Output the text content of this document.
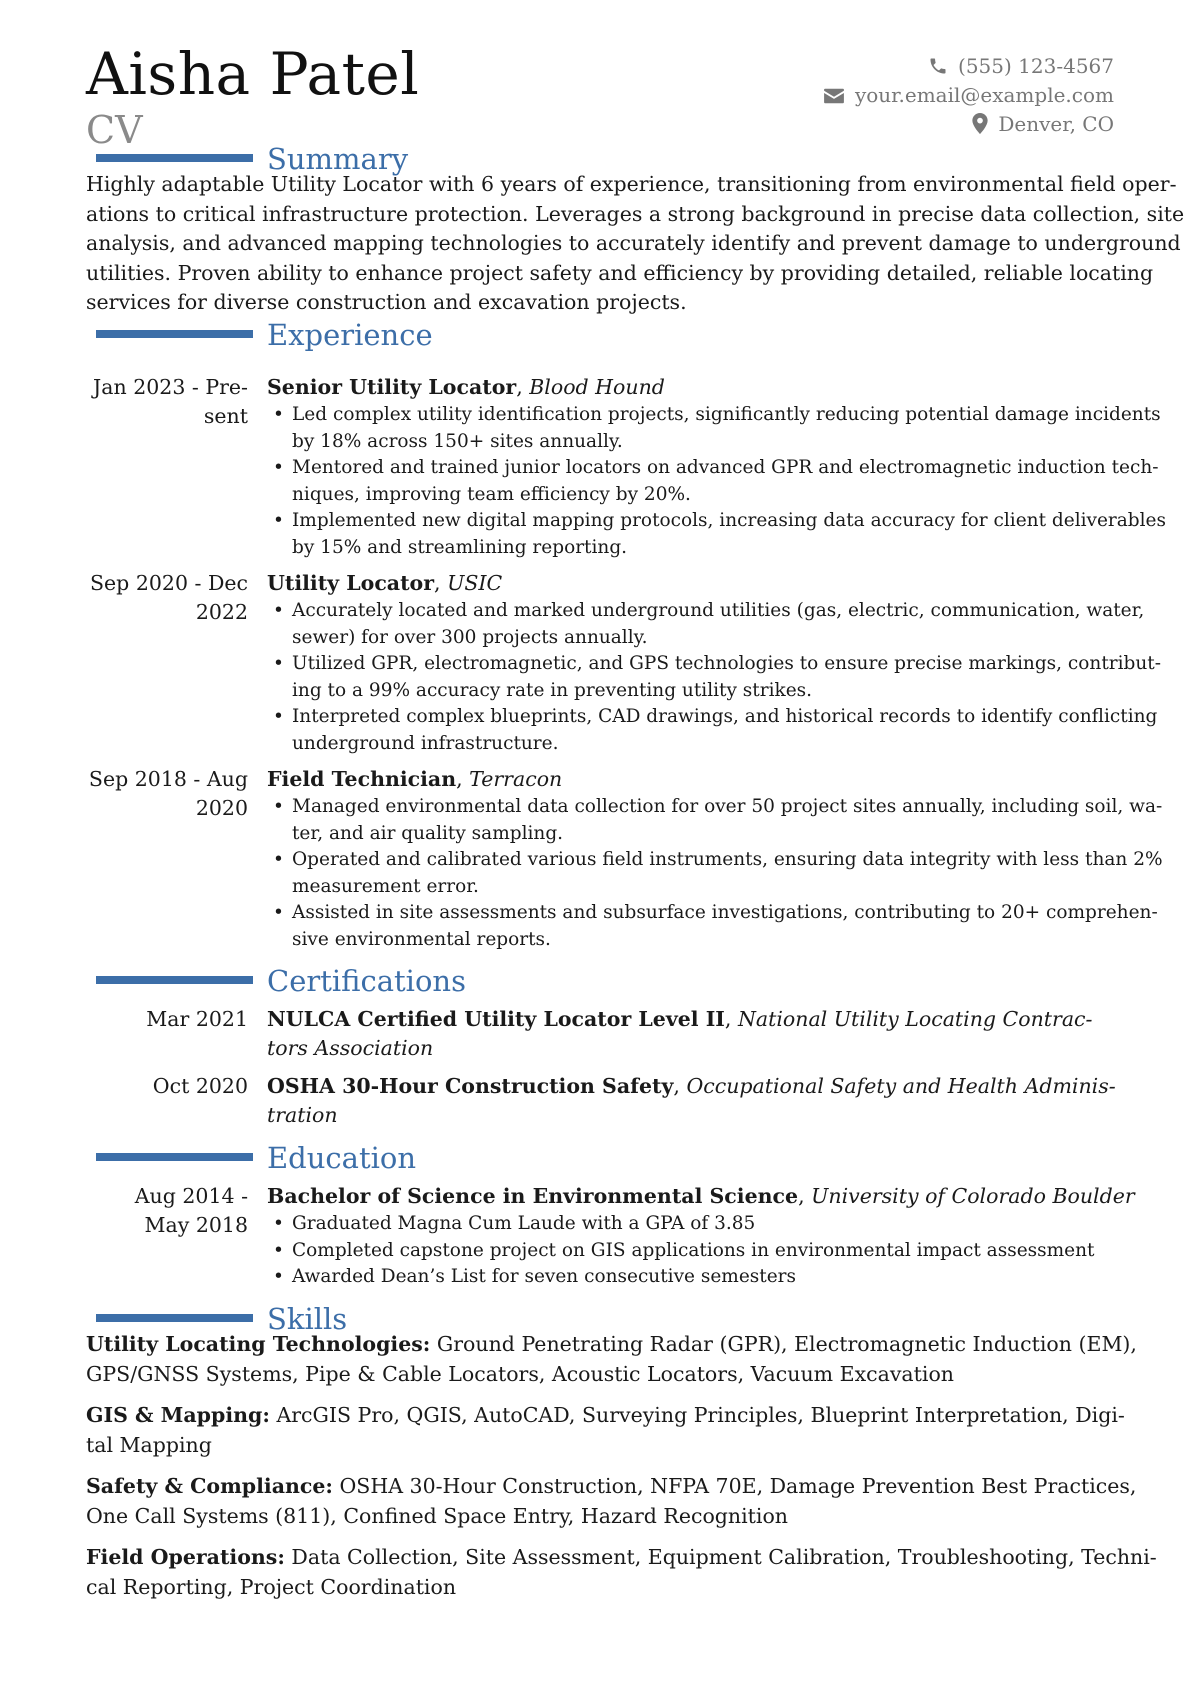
Aisha Patel
CV
(555) 123-4567
your.email@example.com
Denver, CO
Summary

Highly adaptable Utility Locator with 6 years of experience, transitioning from environmental field oper-

ations to critical infrastructure protection. Leverages a strong background in precise data collection, site

analysis, and advanced mapping technologies to accurately identify and prevent damage to underground

utilities. Proven ability to enhance project safety and efficiency by providing detailed, reliable locating

services for diverse construction and excavation projects.

Experience
Jan 2023 - Pre-
sent
Senior Utility Locator, Blood Hound
• Led complex utility identification projects, significantly reducing potential damage incidents
by 18% across 150+ sites annually.
• Mentored and trained junior locators on advanced GPR and electromagnetic induction tech-
niques, improving team efficiency by 20%.
• Implemented new digital mapping protocols, increasing data accuracy for client deliverables
by 15% and streamlining reporting.
Sep 2020 - Dec
2022
Utility Locator, USIC
• Accurately located and marked underground utilities (gas, electric, communication, water,
sewer) for over 300 projects annually.
• Utilized GPR, electromagnetic, and GPS technologies to ensure precise markings, contribut-
ing to a 99% accuracy rate in preventing utility strikes.
• Interpreted complex blueprints, CAD drawings, and historical records to identify conflicting
underground infrastructure.
Sep 2018 - Aug
2020
Field Technician, Terracon
• Managed environmental data collection for over 50 project sites annually, including soil, wa-
ter, and air quality sampling.
• Operated and calibrated various field instruments, ensuring data integrity with less than 2%
measurement error.
• Assisted in site assessments and subsurface investigations, contributing to 20+ comprehen-
sive environmental reports.
Certifications
Mar 2021 NULCA Certified Utility Locator Level II, National Utility Locating Contrac-
tors Association
Oct 2020 OSHA 30-Hour Construction Safety, Occupational Safety and Health Adminis-
tration
Education
Aug 2014 -
May 2018
Bachelor of Science in Environmental Science, University of Colorado Boulder
• Graduated Magna Cum Laude with a GPA of 3.85
• Completed capstone project on GIS applications in environmental impact assessment
• Awarded Dean’s List for seven consecutive semesters
Skills
Utility Locating Technologies: Ground Penetrating Radar (GPR), Electromagnetic Induction (EM),
GPS/GNSS Systems, Pipe & Cable Locators, Acoustic Locators, Vacuum Excavation
GIS & Mapping: ArcGIS Pro, QGIS, AutoCAD, Surveying Principles, Blueprint Interpretation, Digi-
tal Mapping
Safety & Compliance: OSHA 30-Hour Construction, NFPA 70E, Damage Prevention Best Practices,
One Call Systems (811), Confined Space Entry, Hazard Recognition
Field Operations: Data Collection, Site Assessment, Equipment Calibration, Troubleshooting, Techni-
cal Reporting, Project Coordination
